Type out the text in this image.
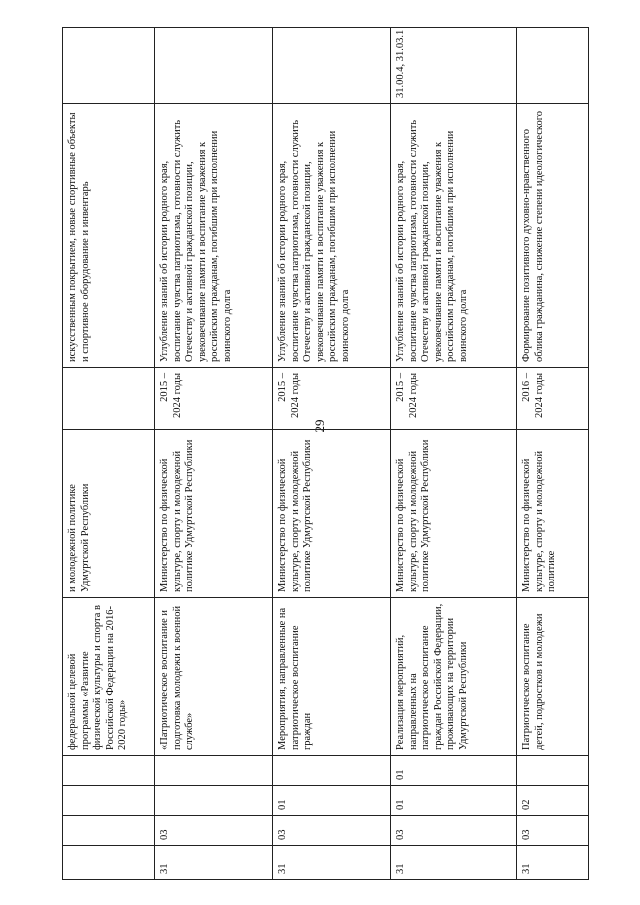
29
				федеральной целевой программы «Развитие физической культуры и спорта в Российской Федерации на 2016-2020 годы»	и молодежной политике Удмуртской Республики		искусственным покрытием, новые спортивные объекты и спортивное оборудование и инвентарь	
31	03			«Патриотическое воспитание и подготовка молодежи к военной службе»	Министерство по физической культуре, спорту и молодежной политике Удмуртской Республики	2015 – 2024 годы	Углубление знаний об истории родного края, воспитание чувства патриотизма, готовности служить Отечеству и активной гражданской позиции, увековечивание памяти и воспитание уважения к российским гражданам, погибшим при исполнении воинского долга	
31	03	01		Мероприятия, направленные на патриотическое воспитание граждан	Министерство по физической культуре, спорту и молодежной политике Удмуртской Республики	2015 – 2024 годы	Углубление знаний об истории родного края, воспитание чувства патриотизма, готовности служить Отечеству и активной гражданской позиции, увековечивание памяти и воспитание уважения к российским гражданам, погибшим при исполнении воинского долга	
31	03	01	01	Реализация мероприятий, направленных на патриотическое воспитание граждан Российской Федерации, проживающих на территории Удмуртской Республики	Министерство по физической культуре, спорту и молодежной политике Удмуртской Республики	2015 – 2024 годы	Углубление знаний об истории родного края, воспитание чувства патриотизма, готовности служить Отечеству и активной гражданской позиции, увековечивание памяти и воспитание уважения к российским гражданам, погибшим при исполнении воинского долга	31.00.4, 31.03.1
31	03	02		Патриотическое воспитание детей, подростков и молодежи	Министерство по физической культуре, спорту и молодежной политике	2016 – 2024 годы	Формирование позитивного духовно-нравственного облика гражданина, снижение степени идеологического	
